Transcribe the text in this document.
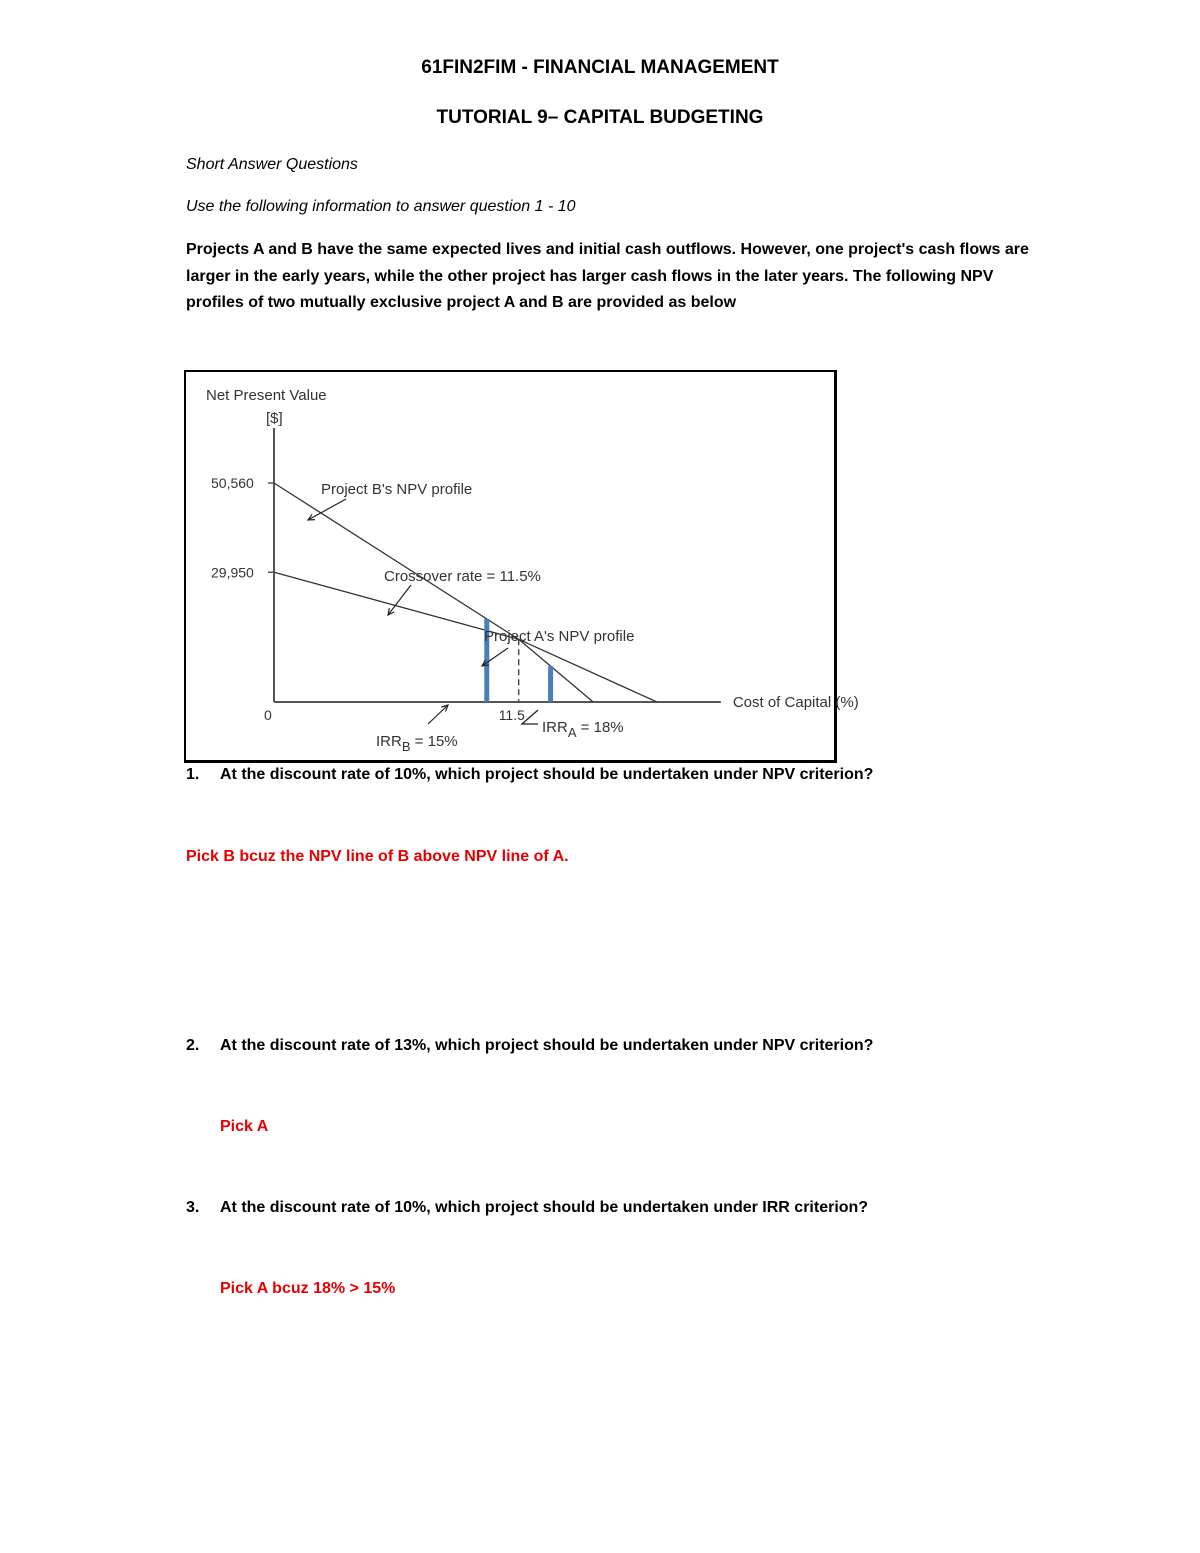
61FIN2FIM - FINANCIAL MANAGEMENT
TUTORIAL 9– CAPITAL BUDGETING
Short Answer Questions
Use the following information to answer question 1 - 10
Projects A and B have the same expected lives and initial cash outflows. However, one project's cash flows are
larger in the early years, while the other project has larger cash flows in the later years. The following NPV
profiles of two mutually exclusive project A and B are provided as below
Net Present Value
[$]
Cost of Capital (%)
0
50,560
29,950
11.5
Project B's NPV profile
Project A's NPV profile
Crossover rate = 11.5%
IRRB = 15%
IRRA = 18%
1. At the discount rate of 10%, which project should be undertaken under NPV criterion?
Pick B bcuz the NPV line of B above NPV line of A.
2. At the discount rate of 13%, which project should be undertaken under NPV criterion?
Pick A
3. At the discount rate of 10%, which project should be undertaken under IRR criterion?
Pick A bcuz 18% > 15%
